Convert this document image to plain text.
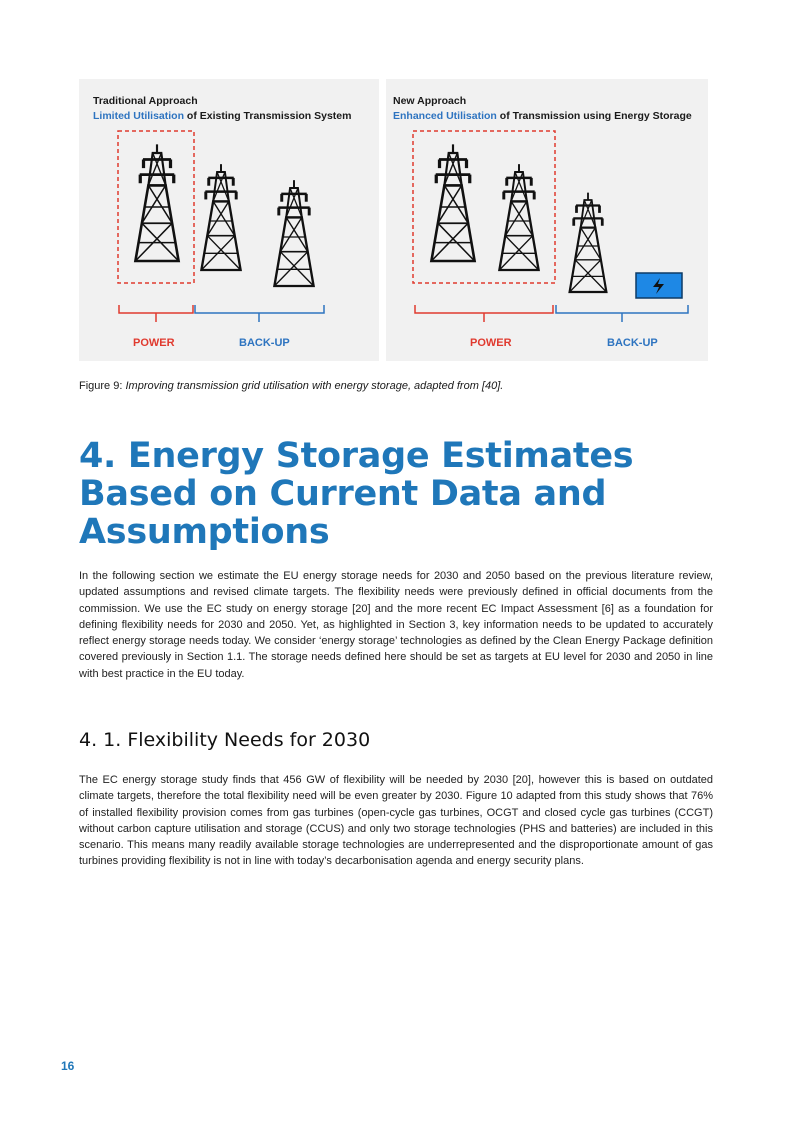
Traditional Approach
Limited Utilisation of Existing Transmission System
POWER	BACK-UP
New Approach
Enhanced Utilisation of Transmission using Energy Storage
POWER	BACK-UP
Figure 9: Improving transmission grid utilisation with energy storage, adapted from [40].
4. Energy Storage Estimates
Based on Current Data and
Assumptions

In the following section we estimate the EU energy storage needs for 2030 and 2050 based on the previous literature review, updated assumptions and revised climate targets. The flexibility needs were previously defined in official documents from the commission. We use the EC study on energy storage [20] and the more recent EC Impact Assessment [6] as a foundation for defining flexibility needs for 2030 and 2050. Yet, as highlighted in Section 3, key information needs to be updated to accurately reflect energy storage needs today. We consider ‘energy storage’ technologies as defined by the Clean Energy Package definition covered previously in Section 1.1. The storage needs defined here should be set as targets at EU level for 2030 and 2050 in line with best practice in the EU today.

4. 1. Flexibility Needs for 2030

The EC energy storage study finds that 456 GW of flexibility will be needed by 2030 [20], however this is based on outdated climate targets, therefore the total flexibility need will be even greater by 2030. Figure 10 adapted from this study shows that 76% of installed flexibility provision comes from gas turbines (open-cycle gas turbines, OCGT and closed cycle gas turbines (CCGT) without carbon capture utilisation and storage (CCUS) and only two storage technologies (PHS and batteries) are included in this scenario. This means many readily available storage technologies are underrepresented and the disproportionate amount of gas turbines providing flexibility is not in line with today’s decarbonisation agenda and energy security plans.

16
